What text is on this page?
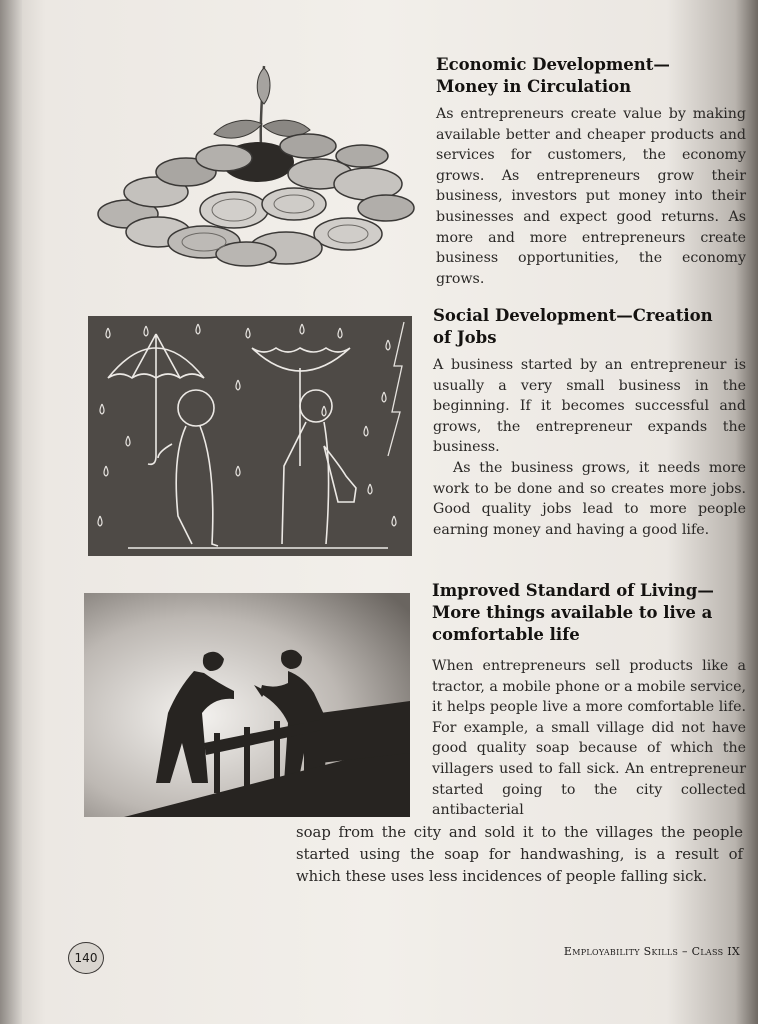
Economic Development—
Money in Circulation

As entrepreneurs create value by making available better and cheaper products and services for customers, the economy grows. As entrepreneurs grow their business, investors put money into their businesses and expect good returns. As more and more entrepreneurs create business opportunities, the economy grows.

Social Development—Creation
of Jobs

A business started by an entrepreneur is usually a very small business in the beginning. If it becomes successful and grows, the entrepreneur expands the business.

As the business grows, it needs more work to be done and so creates more jobs. Good quality jobs lead to more people earning money and having a good life.

Improved Standard of Living—
More things available to live a
comfortable life

When entrepreneurs sell products like a tractor, a mobile phone or a mobile service, it helps people live a more comfortable life. For example, a small village did not have good quality soap because of which the villagers used to fall sick. An entrepreneur started going to the city collected antibacterial

soap from the city and sold it to the villages the people started using the soap for handwashing, is a result of which these uses less incidences of people falling sick.

140	Employability Skills – Class IX
